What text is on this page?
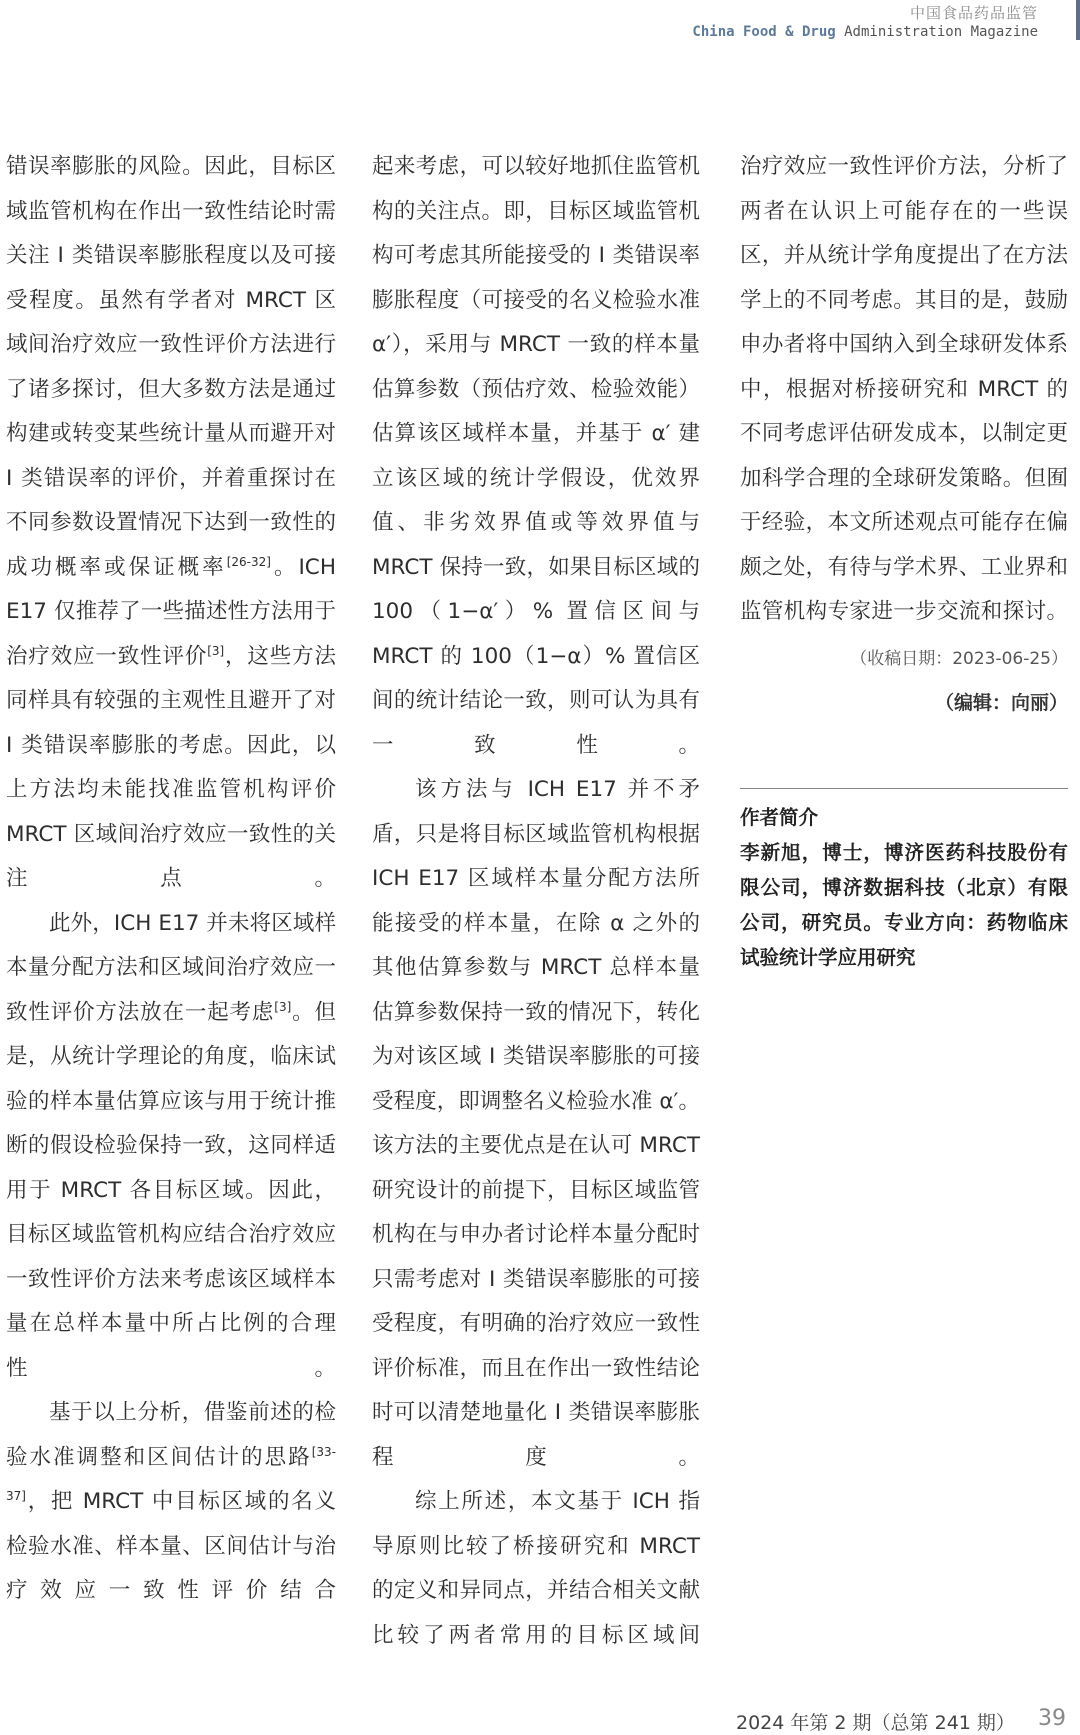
中国食品药品监管
China Food & Drug Administration Magazine

错误率膨胀的风险。因此，目标区域监管机构在作出一致性结论时需关注 Ⅰ 类错误率膨胀程度以及可接受程度。虽然有学者对 MRCT 区域间治疗效应一致性评价方法进行了诸多探讨，但大多数方法是通过构建或转变某些统计量从而避开对 Ⅰ 类错误率的评价，并着重探讨在不同参数设置情况下达到一致性的成功概率或保证概率[26-32]。ICH E17 仅推荐了一些描述性方法用于治疗效应一致性评价[3]，这些方法同样具有较强的主观性且避开了对 Ⅰ 类错误率膨胀的考虑。因此，以上方法均未能找准监管机构评价 MRCT 区域间治疗效应一致性的关注点。

此外，ICH E17 并未将区域样本量分配方法和区域间治疗效应一致性评价方法放在一起考虑[3]。但是，从统计学理论的角度，临床试验的样本量估算应该与用于统计推断的假设检验保持一致，这同样适用于 MRCT 各目标区域。因此，目标区域监管机构应结合治疗效应一致性评价方法来考虑该区域样本量在总样本量中所占比例的合理性。

基于以上分析，借鉴前述的检验水准调整和区间估计的思路[33-37]，把 MRCT 中目标区域的名义检验水准、样本量、区间估计与治疗效应一致性评价结合

起来考虑，可以较好地抓住监管机构的关注点。即，目标区域监管机构可考虑其所能接受的 Ⅰ 类错误率膨胀程度（可接受的名义检验水准 α′），采用与 MRCT 一致的样本量估算参数（预估疗效、检验效能）估算该区域样本量，并基于 α′ 建立该区域的统计学假设，优效界值、非劣效界值或等效界值与 MRCT 保持一致，如果目标区域的 100（1−α′）% 置信区间与 MRCT 的 100（1−α）% 置信区间的统计结论一致，则可认为具有一致性。

该方法与 ICH E17 并不矛盾，只是将目标区域监管机构根据 ICH E17 区域样本量分配方法所能接受的样本量，在除 α 之外的其他估算参数与 MRCT 总样本量估算参数保持一致的情况下，转化为对该区域 Ⅰ 类错误率膨胀的可接受程度，即调整名义检验水准 α′。该方法的主要优点是在认可 MRCT 研究设计的前提下，目标区域监管机构在与申办者讨论样本量分配时只需考虑对 Ⅰ 类错误率膨胀的可接受程度，有明确的治疗效应一致性评价标准，而且在作出一致性结论时可以清楚地量化 Ⅰ 类错误率膨胀程度。

综上所述，本文基于 ICH 指导原则比较了桥接研究和 MRCT 的定义和异同点，并结合相关文献比较了两者常用的目标区域间

治疗效应一致性评价方法，分析了两者在认识上可能存在的一些误区，并从统计学角度提出了在方法学上的不同考虑。其目的是，鼓励申办者将中国纳入到全球研发体系中，根据对桥接研究和 MRCT 的不同考虑评估研发成本，以制定更加科学合理的全球研发策略。但囿于经验，本文所述观点可能存在偏颇之处，有待与学术界、工业界和监管机构专家进一步交流和探讨。

（收稿日期：2023-06-25）

（编辑：向丽）

作者简介

李新旭，博士，博济医药科技股份有限公司，博济数据科技（北京）有限公司，研究员。专业方向：药物临床试验统计学应用研究

2024 年第 2 期（总第 241 期） 39
